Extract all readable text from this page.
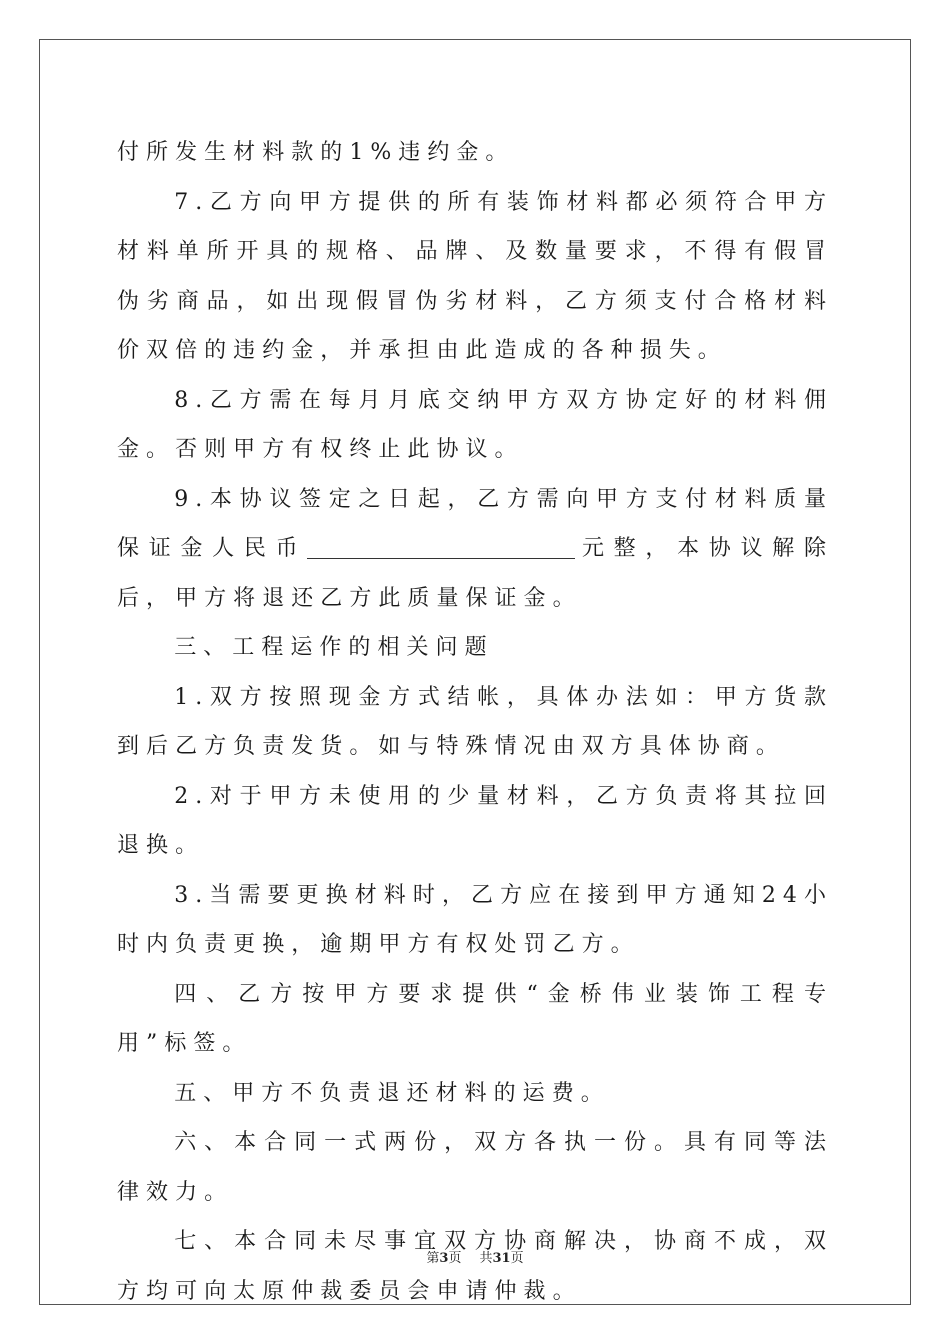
付所发生材料款的1%违约金。

7.乙方向甲方提供的所有装饰材料都必须符合甲方材料单所开具的规格、品牌、及数量要求，不得有假冒伪劣商品，如出现假冒伪劣材料，乙方须支付合格材料价双倍的违约金，并承担由此造成的各种损失。

8.乙方需在每月月底交纳甲方双方协定好的材料佣金。否则甲方有权终止此协议。

9.本协议签定之日起，乙方需向甲方支付材料质量保证金人民币	元整，本协议解除后，甲方将退还乙方此质量保证金。

三、工程运作的相关问题

1.双方按照现金方式结帐，具体办法如：甲方货款到后乙方负责发货。如与特殊情况由双方具体协商。

2.对于甲方未使用的少量材料，乙方负责将其拉回退换。

3.当需要更换材料时，乙方应在接到甲方通知24小时内负责更换，逾期甲方有权处罚乙方。

四、乙方按甲方要求提供“金桥伟业装饰工程专用”标签。

五、甲方不负责退还材料的运费。

六、本合同一式两份，双方各执一份。具有同等法律效力。

七、本合同未尽事宜双方协商解决，协商不成，双方均可向太原仲裁委员会申请仲裁。

第3页 共31页
